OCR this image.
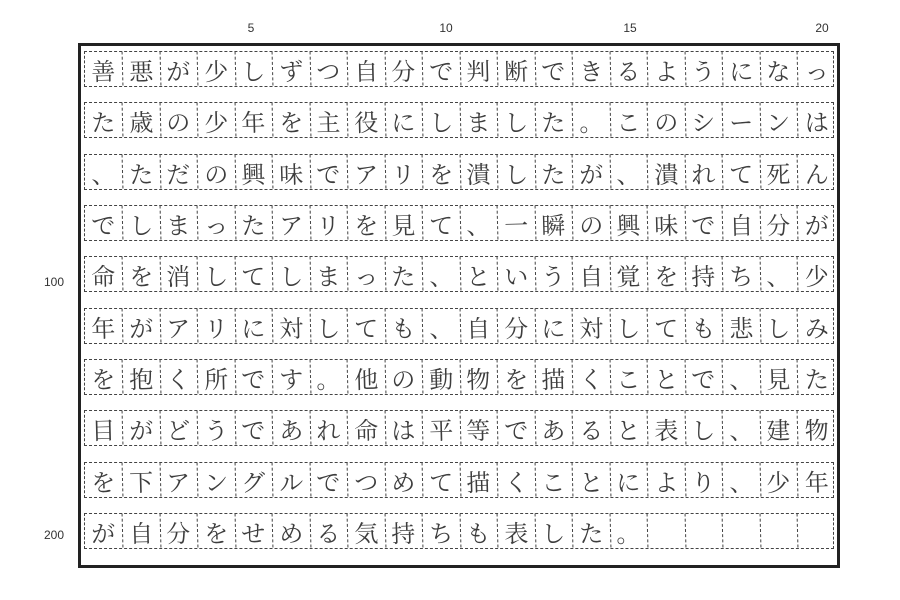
5	10	15	20
100
200
善 悪 が 少 し ず つ 自 分 で 判 断 で き る よ う に な っ
た 歳 の 少 年 を 主 役 に し ま し た 。 こ の シ ー ン は
、 た だ の 興 味 で ア リ を 潰 し た が 、 潰 れ て 死 ん
で し ま っ た ア リ を 見 て 、 一 瞬 の 興 味 で 自 分 が
命 を 消 し て し ま っ た 、 と い う 自 覚 を 持 ち 、 少
年 が ア リ に 対 し て も 、 自 分 に 対 し て も 悲 し み
を 抱 く 所 で す 。 他 の 動 物 を 描 く こ と で 、 見 た
目 が ど う で あ れ 命 は 平 等 で あ る と 表 し 、 建 物
を 下 ア ン グ ル で つ め て 描 く こ と に よ り 、 少 年
が 自 分 を せ め る 気 持 ち も 表 し た 。
